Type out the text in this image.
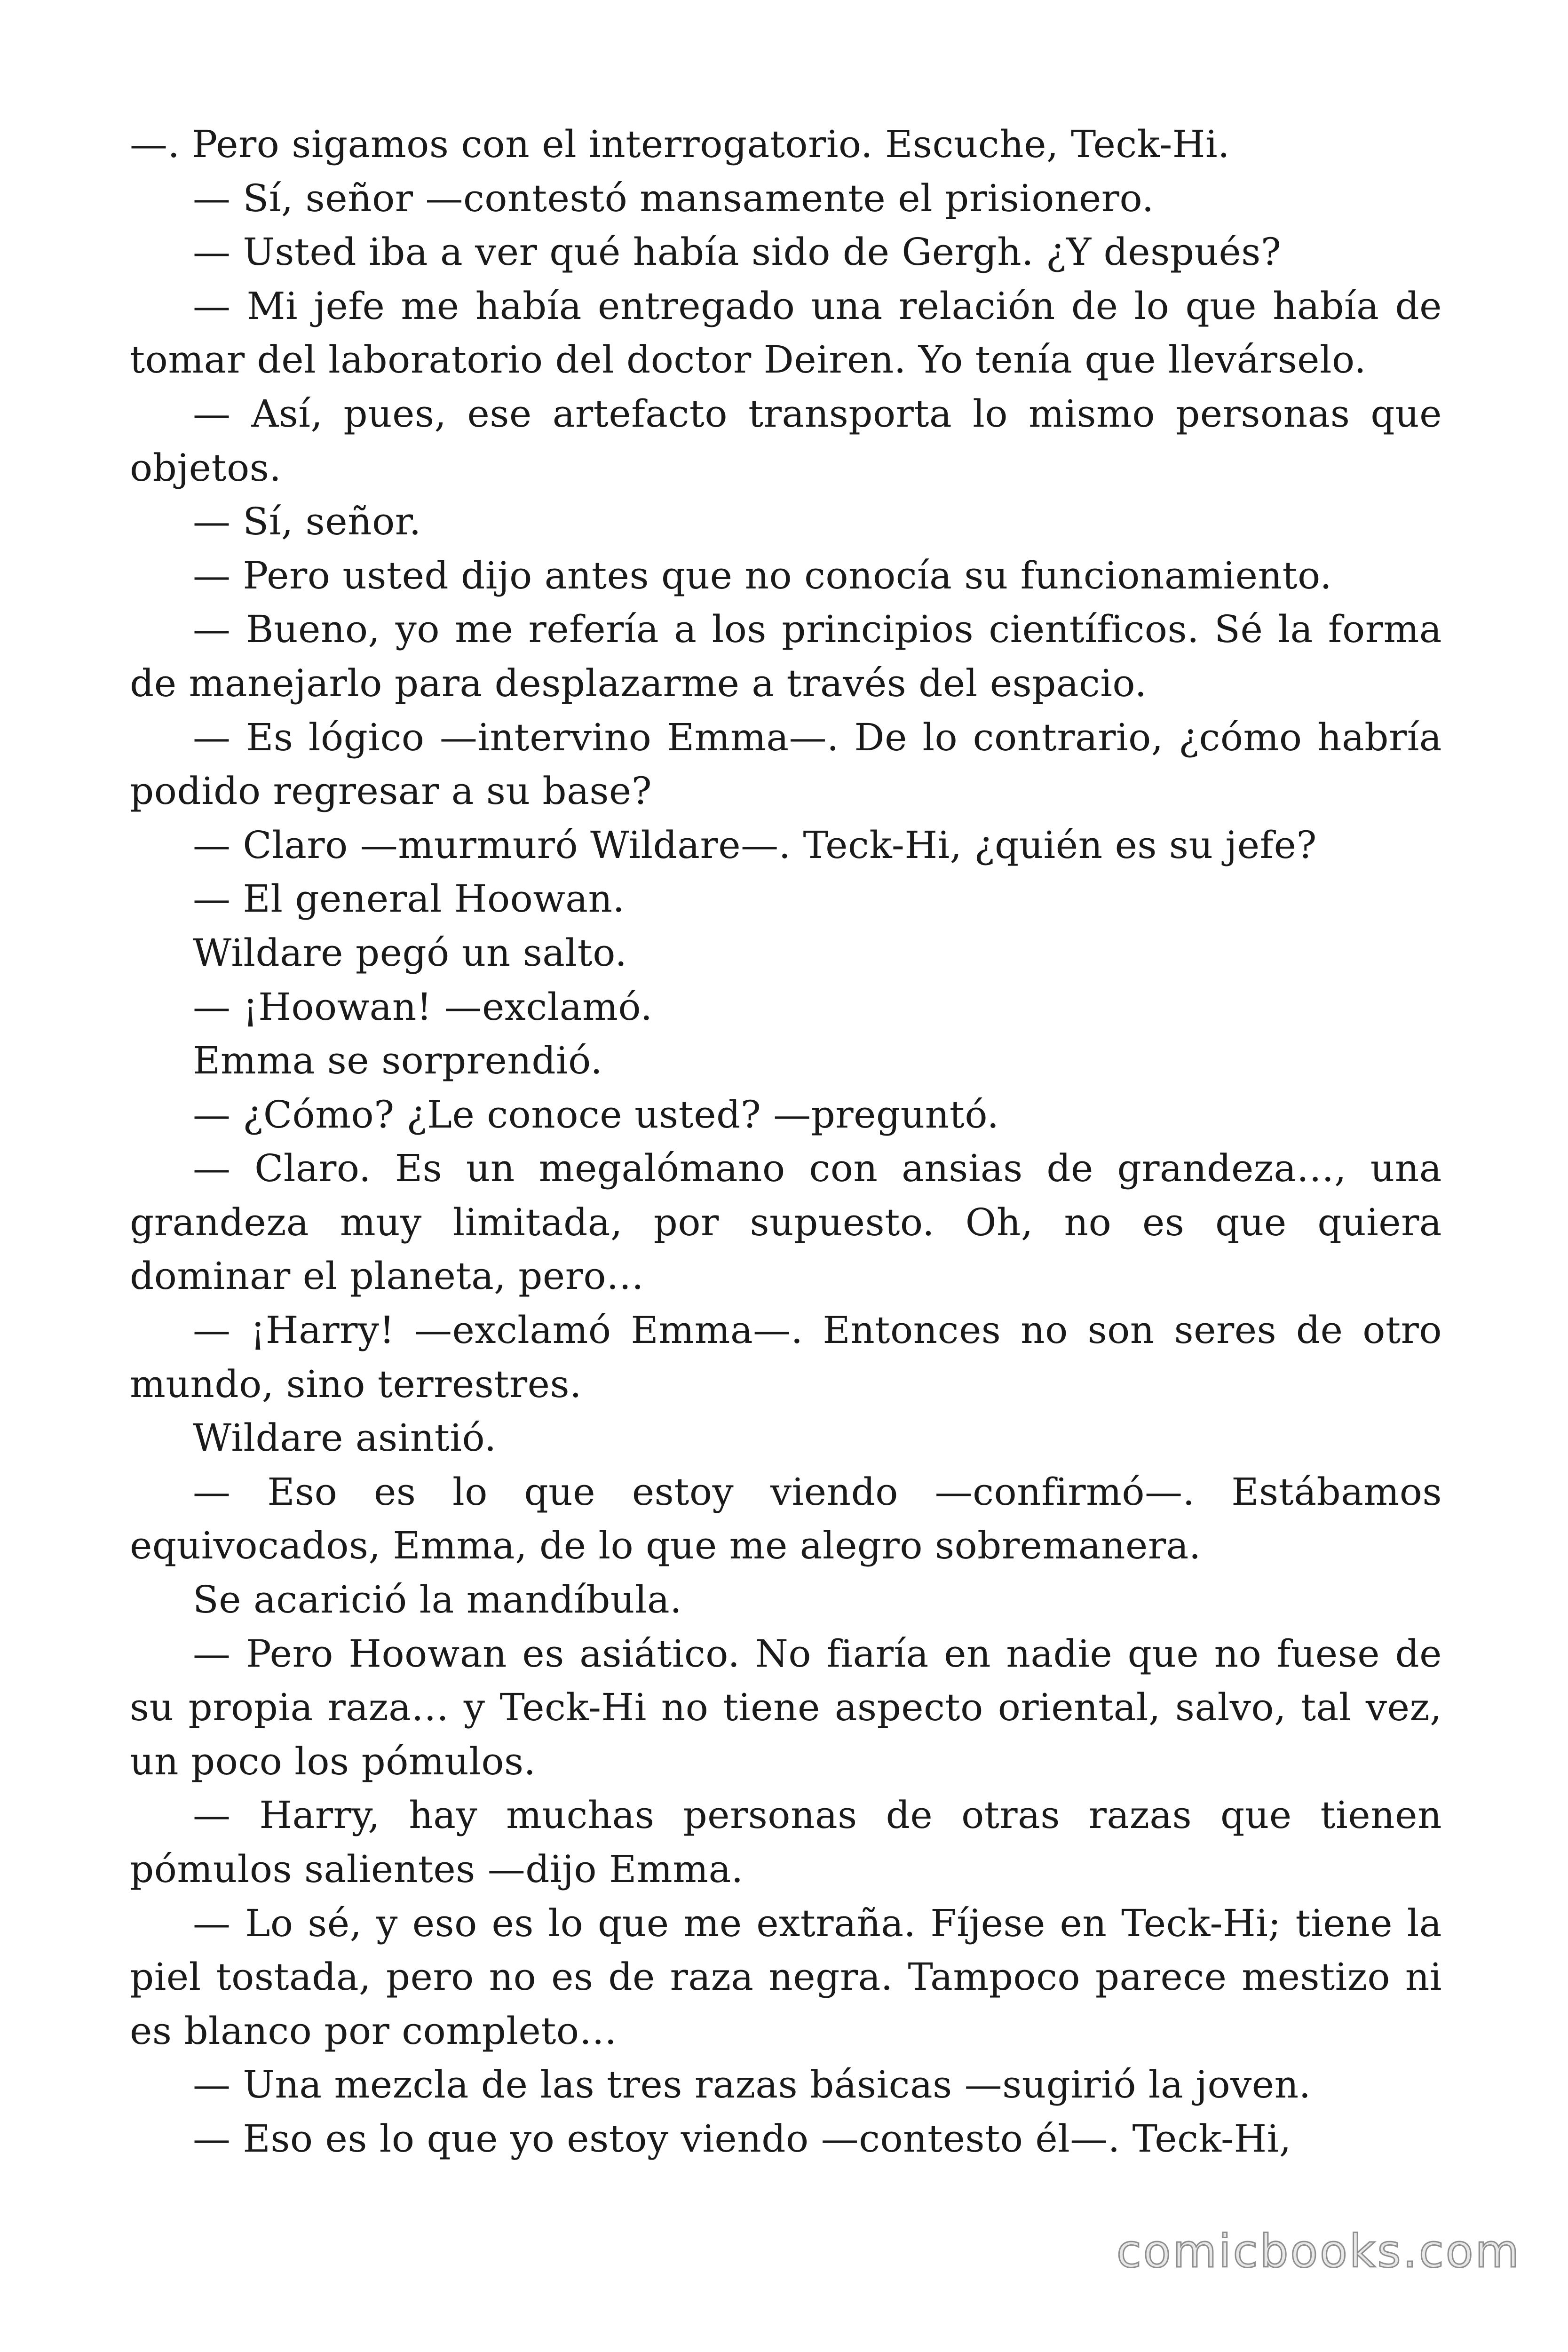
—. Pero sigamos con el interrogatorio. Escuche, Teck-Hi.

— Sí, señor —contestó mansamente el prisionero.

— Usted iba a ver qué había sido de Gergh. ¿Y después?

— Mi jefe me había entregado una relación de lo que había de tomar del laboratorio del doctor Deiren. Yo tenía que llevárselo.

— Así, pues, ese artefacto transporta lo mismo personas que objetos.

— Sí, señor.

— Pero usted dijo antes que no conocía su funcionamiento.

— Bueno, yo me refería a los principios científicos. Sé la forma de manejarlo para desplazarme a través del espacio.

— Es lógico —intervino Emma—. De lo contrario, ¿cómo habría podido regresar a su base?

— Claro —murmuró Wildare—. Teck-Hi, ¿quién es su jefe?

— El general Hoowan.

Wildare pegó un salto.

— ¡Hoowan! —exclamó.

Emma se sorprendió.

— ¿Cómo? ¿Le conoce usted? —preguntó.

— Claro. Es un megalómano con ansias de grandeza…, una grandeza muy limitada, por supuesto. Oh, no es que quiera dominar el planeta, pero…

— ¡Harry! —exclamó Emma—. Entonces no son seres de otro mundo, sino terrestres.

Wildare asintió.

— Eso es lo que estoy viendo —confirmó—. Estábamos equivocados, Emma, de lo que me alegro sobremanera.

Se acarició la mandíbula.

— Pero Hoowan es asiático. No fiaría en nadie que no fuese de su propia raza… y Teck-Hi no tiene aspecto oriental, salvo, tal vez, un poco los pómulos.

— Harry, hay muchas personas de otras razas que tienen pómulos salientes —dijo Emma.

— Lo sé, y eso es lo que me extraña. Fíjese en Teck-Hi; tiene la piel tostada, pero no es de raza negra. Tampoco parece mestizo ni es blanco por completo…

— Una mezcla de las tres razas básicas —sugirió la joven.

— Eso es lo que yo estoy viendo —contesto él—. Teck-Hi,

comicbooks.com
